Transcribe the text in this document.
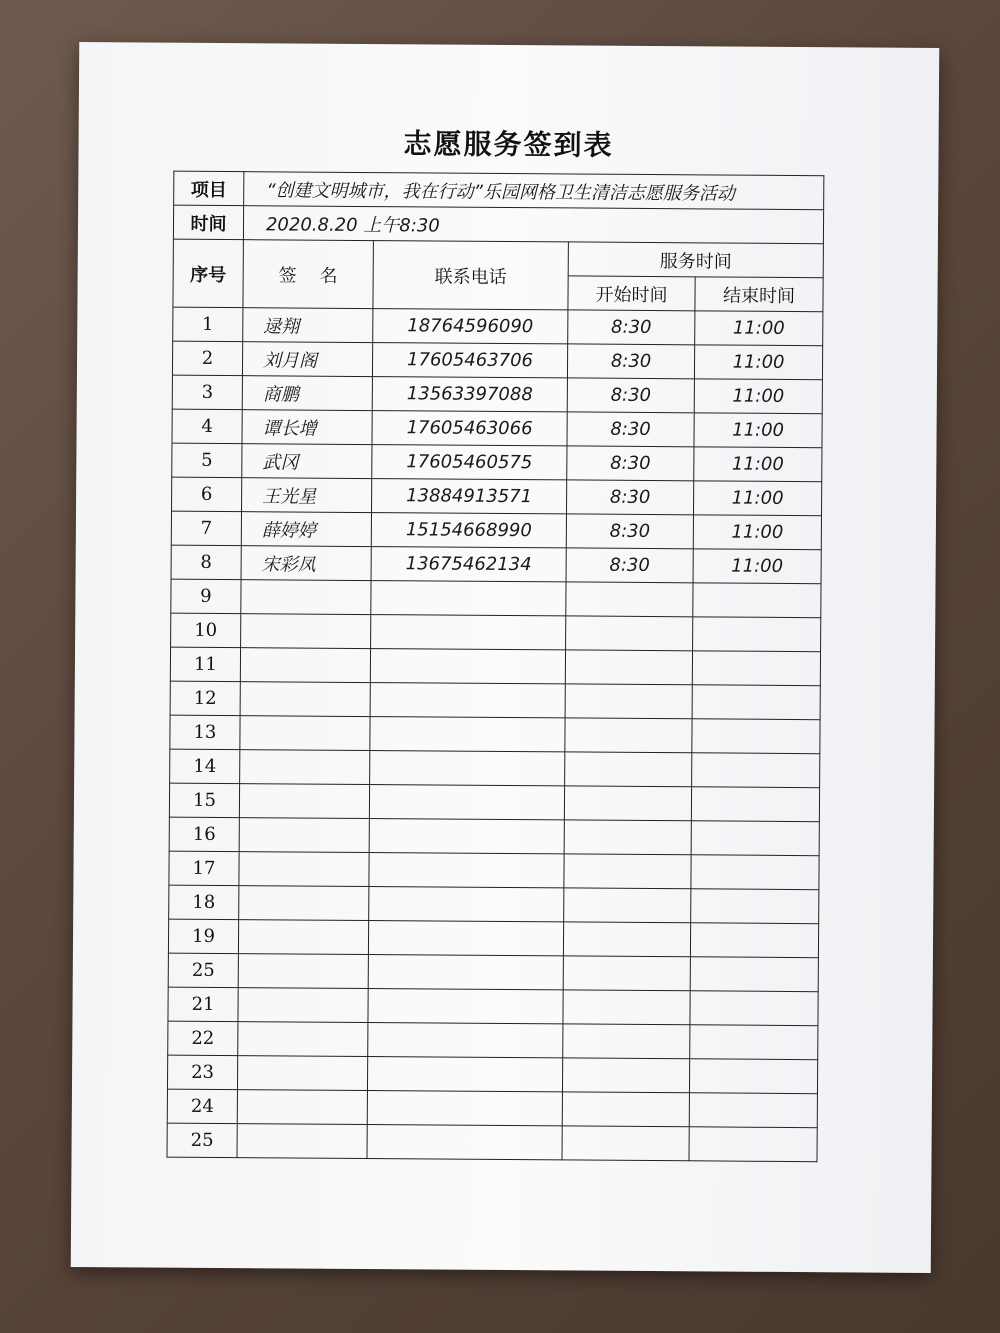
志愿服务签到表
项目	“创建文明城市，我在行动”乐园网格卫生清洁志愿服务活动			
时间	2020.8.20 上午8:30			
序号	签    名	联系电话	服务时间	
			开始时间	结束时间
1	逯翔	18764596090	8:30	11:00
2	刘月阁	17605463706	8:30	11:00
3	商鹏	13563397088	8:30	11:00
4	谭长增	17605463066	8:30	11:00
5	武冈	17605460575	8:30	11:00
6	王光星	13884913571	8:30	11:00
7	薛婷婷	15154668990	8:30	11:00
8	宋彩凤	13675462134	8:30	11:00
9				
10				
11				
12				
13				
14				
15				
16				
17				
18				
19				
25				
21				
22				
23				
24				
25				
